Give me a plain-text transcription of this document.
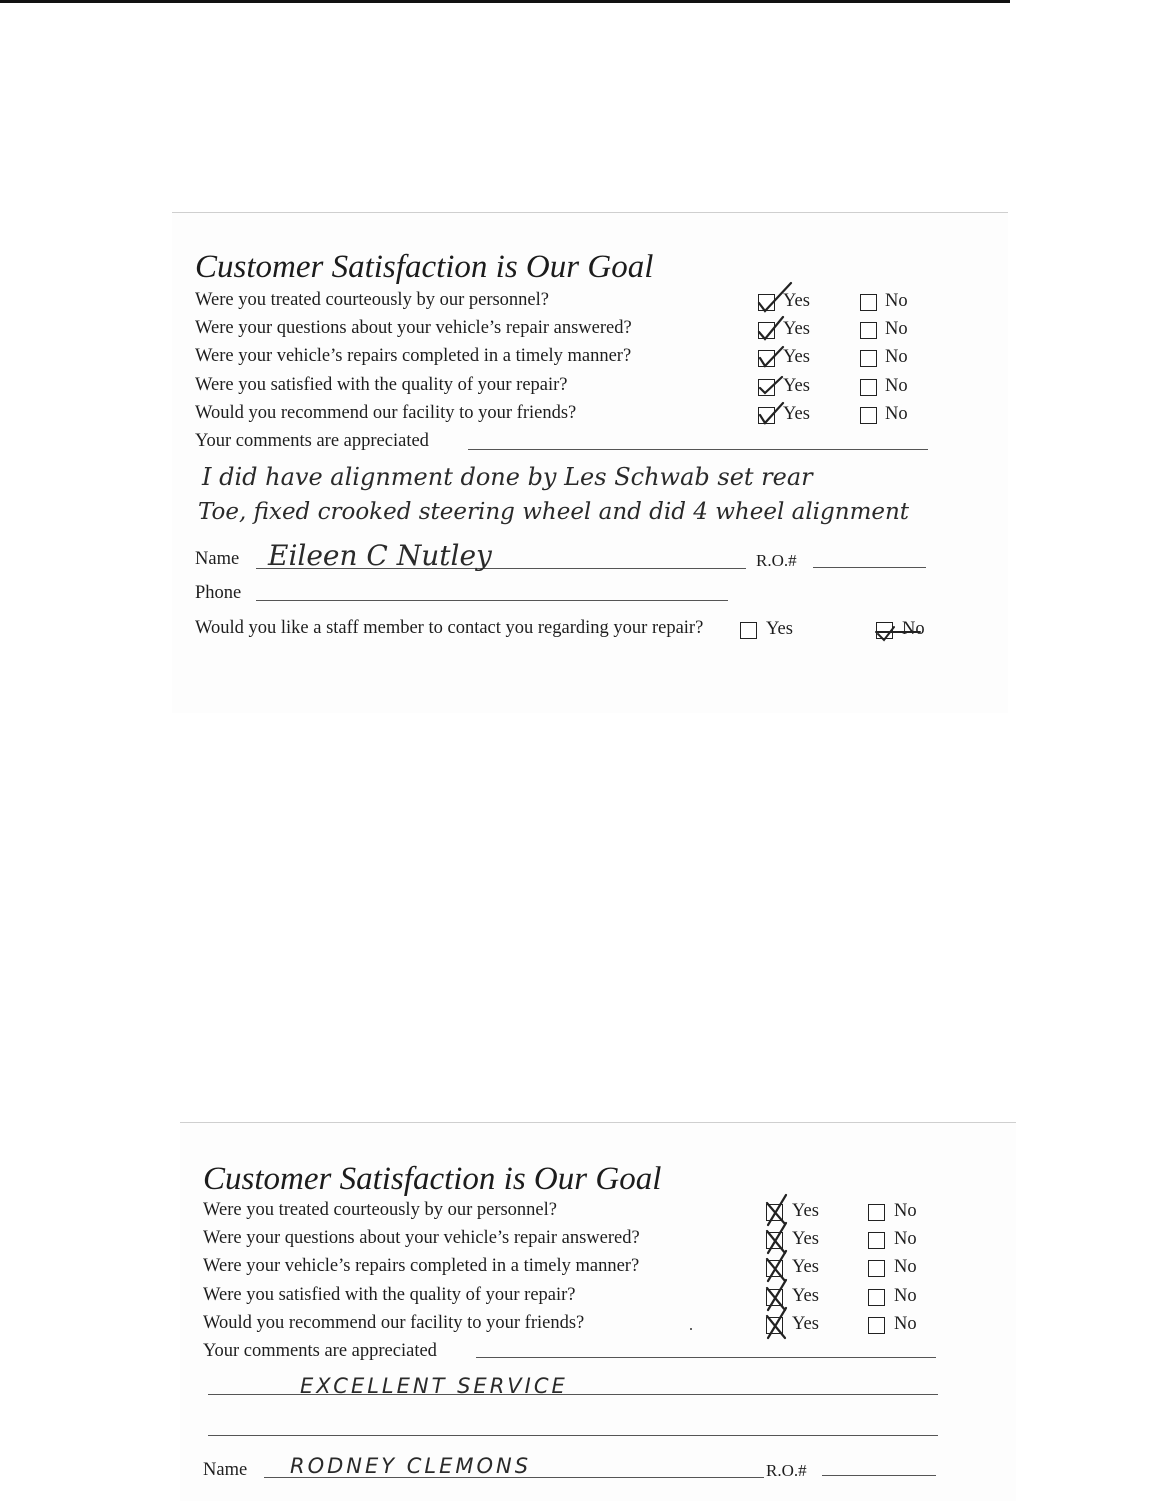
Customer Satisfaction is Our Goal
Were you treated courteously by our personnel?	Yes	No
Were your questions about your vehicle’s repair answered?	Yes	No
Were your vehicle’s repairs completed in a timely manner?	Yes	No
Were you satisfied with the quality of your repair?	Yes	No
Would you recommend our facility to your friends?	Yes	No
Your comments are appreciated
I did have alignment done by Les Schwab set rear
Toe, fixed crooked steering wheel and did 4 wheel alignment
Name Eileen C Nutley	R.O.#
Phone
Would you like a staff member to contact you regarding your repair?	Yes	No
Customer Satisfaction is Our Goal
Were you treated courteously by our personnel?	Yes	No
Were your questions about your vehicle’s repair answered?	Yes	No
Were your vehicle’s repairs completed in a timely manner?	Yes	No
Were you satisfied with the quality of your repair?	Yes	No
Would you recommend our facility to your friends?	Yes	No
Your comments are appreciated
EXCELLENT SERVICE
Name RODNEY CLEMONS	R.O.#
